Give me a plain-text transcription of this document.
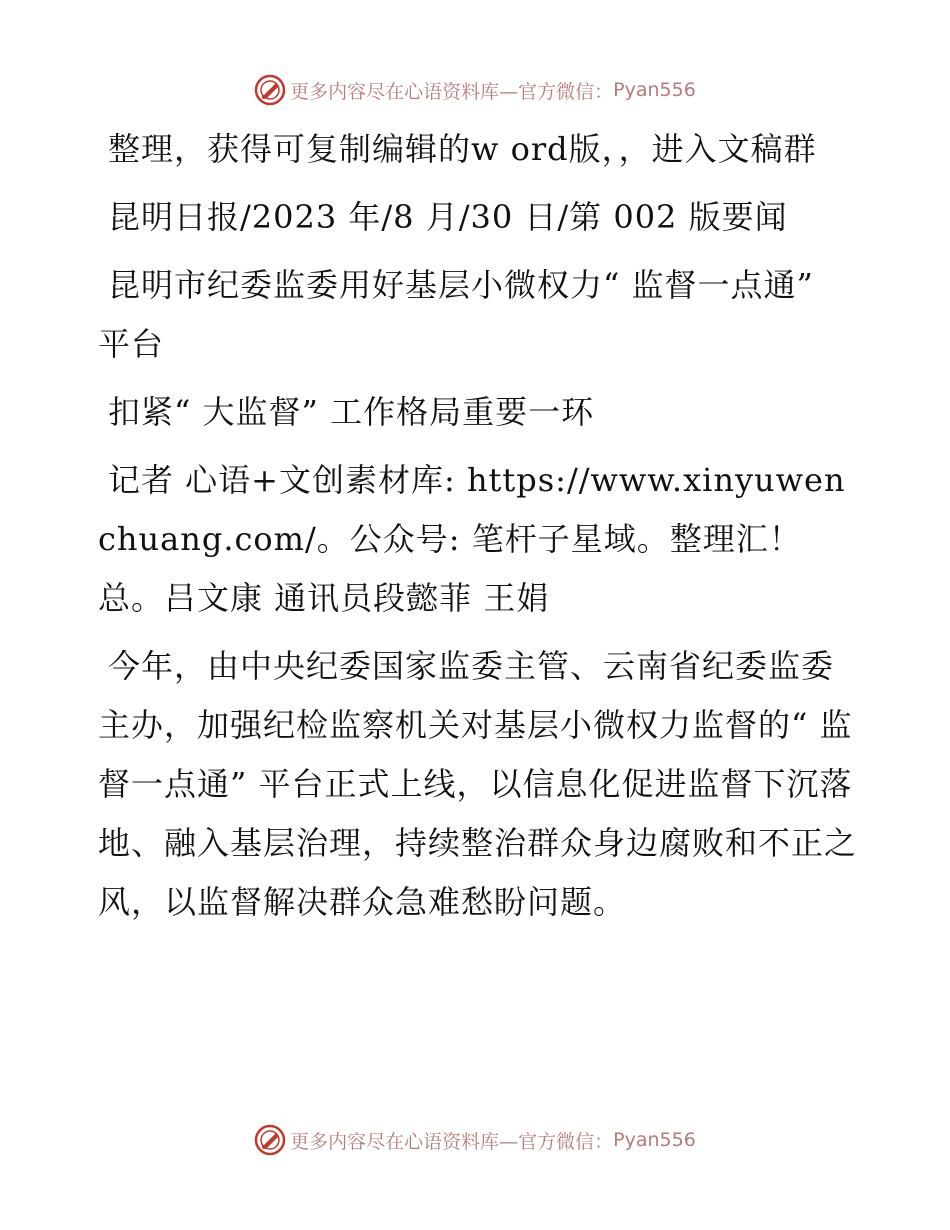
更多内容尽在心语资料库—官方微信： Pyan556

整理，获得可复制编辑的w ord版，，进入文稿群

昆明日报/2023 年/8 月/30 日/第 002 版要闻

昆明市纪委监委用好基层小微权力“ 监督一点通” 平台

扣紧“ 大监督” 工作格局重要一环

记者 心语+文创素材库: https://www.xinyuwenchuang.com/。公众号: 笔杆子星域。整理汇！总。吕文康 通讯员段懿菲 王娟

今年，由中央纪委国家监委主管、云南省纪委监委主办，加强纪检监察机关对基层小微权力监督的“ 监督一点通” 平台正式上线，以信息化促进监督下沉落地、融入基层治理，持续整治群众身边腐败和不正之风，以监督解决群众急难愁盼问题。

更多内容尽在心语资料库—官方微信： Pyan556
